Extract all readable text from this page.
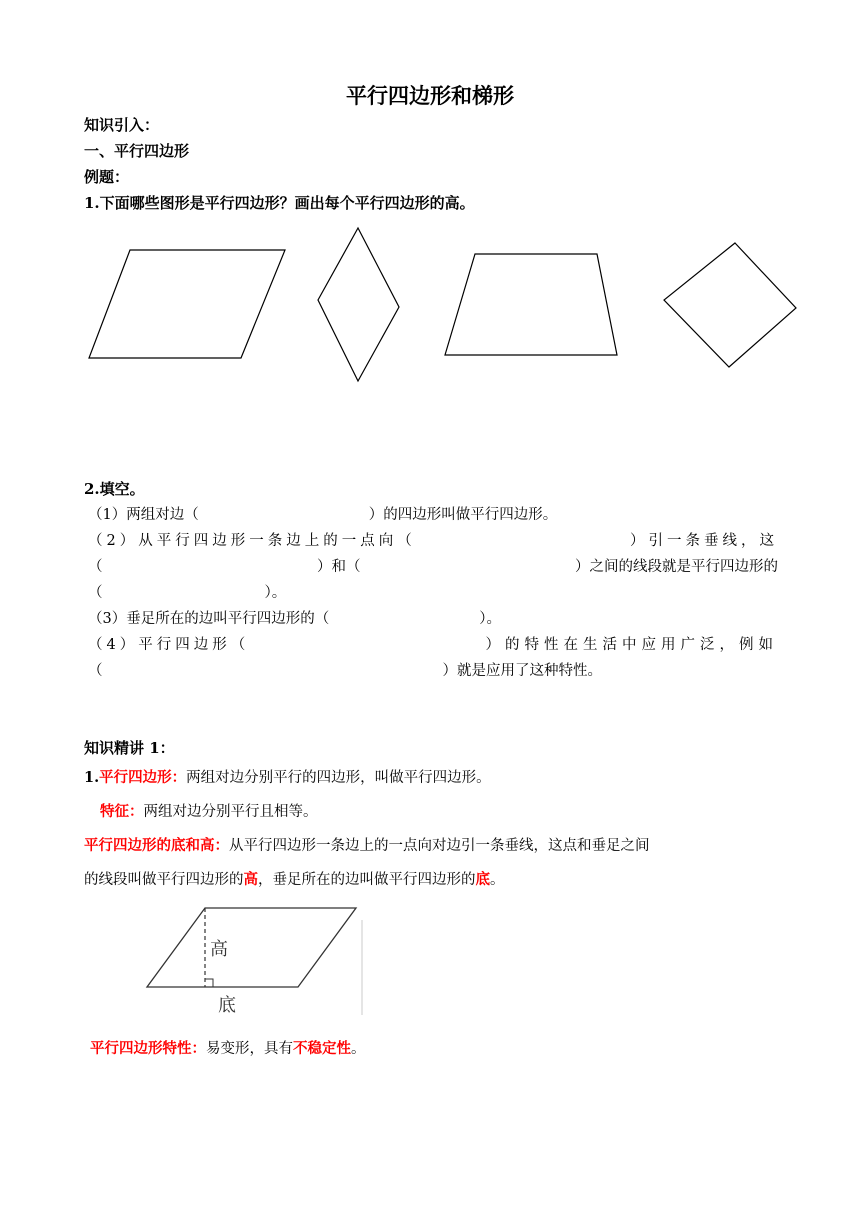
平行四边形和梯形
知识引入：
一、平行四边形
例题：
1.下面哪些图形是平行四边形？画出每个平行四边形的高。
2.填空。
（1）两组对边（	）的四边形叫做平行四边形。
（2）从平行四边形一条边上的一点向（	）引一条垂线，这
（	）和（	）之间的线段就是平行四边形的
（	）。
（3）垂足所在的边叫平行四边形的（	）。
（4）平行四边形（	）的特性在生活中应用广泛，例如
（	）就是应用了这种特性。
知识精讲 1：
1.平行四边形：两组对边分别平行的四边形，叫做平行四边形。
特征：两组对边分别平行且相等。
平行四边形的底和高：从平行四边形一条边上的一点向对边引一条垂线，这点和垂足之间
的线段叫做平行四边形的高，垂足所在的边叫做平行四边形的底。
高
底
平行四边形特性：易变形，具有不稳定性。
